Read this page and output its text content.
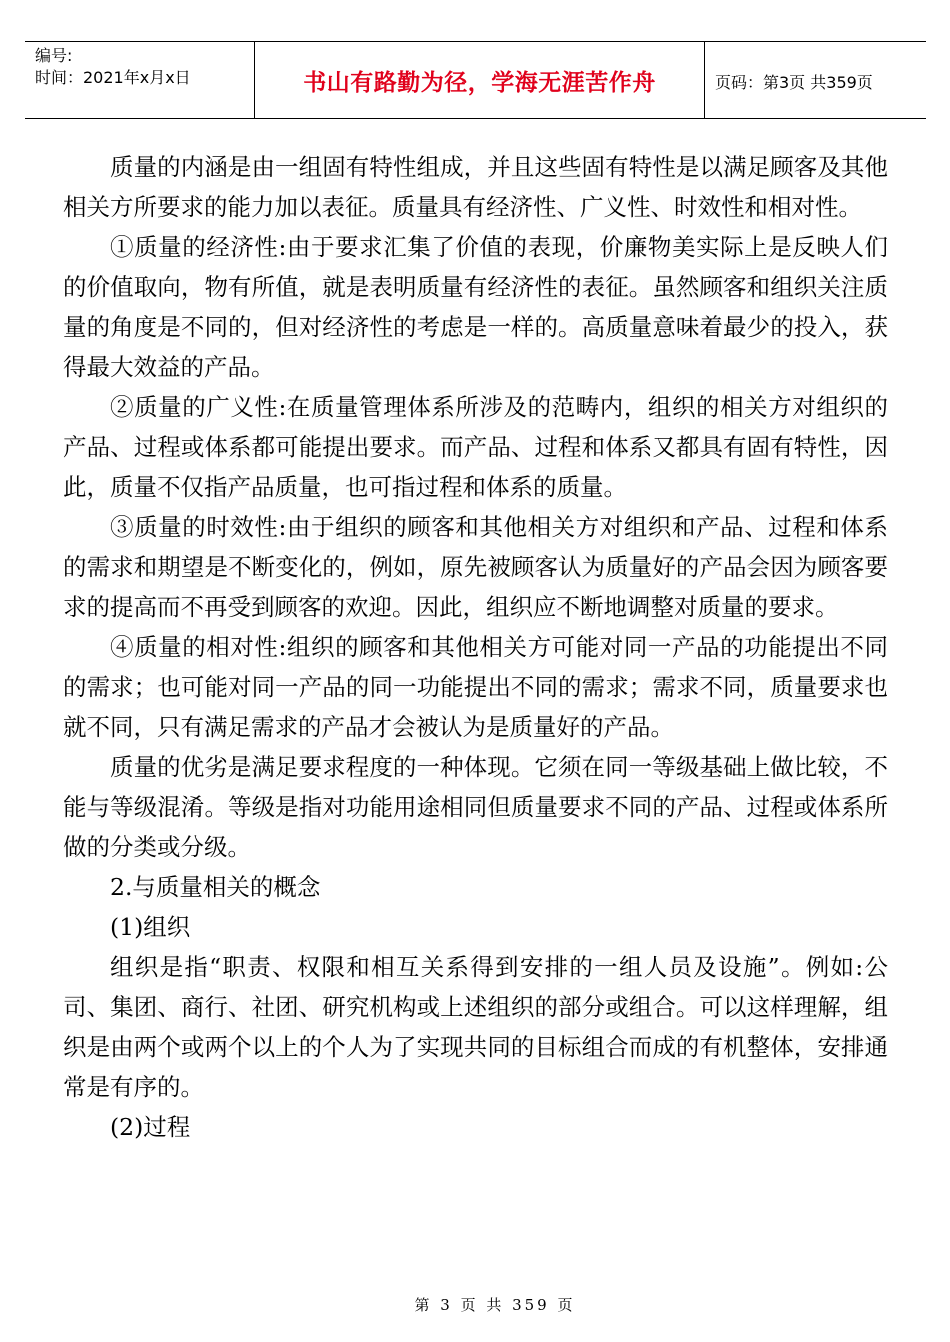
编号:
时间：2021年x月x日	书山有路勤为径，学海无涯苦作舟	页码：第3页 共359页

质量的内涵是由一组固有特性组成，并且这些固有特性是以满足顾客及其他相关方所要求的能力加以表征。质量具有经济性、广义性、时效性和相对性。

①质量的经济性:由于要求汇集了价值的表现，价廉物美实际上是反映人们的价值取向，物有所值，就是表明质量有经济性的表征。虽然顾客和组织关注质量的角度是不同的，但对经济性的考虑是一样的。高质量意味着最少的投入，获得最大效益的产品。

②质量的广义性:在质量管理体系所涉及的范畴内，组织的相关方对组织的产品、过程或体系都可能提出要求。而产品、过程和体系又都具有固有特性，因此，质量不仅指产品质量，也可指过程和体系的质量。

③质量的时效性:由于组织的顾客和其他相关方对组织和产品、过程和体系的需求和期望是不断变化的，例如，原先被顾客认为质量好的产品会因为顾客要求的提高而不再受到顾客的欢迎。因此，组织应不断地调整对质量的要求。

④质量的相对性:组织的顾客和其他相关方可能对同一产品的功能提出不同的需求；也可能对同一产品的同一功能提出不同的需求；需求不同，质量要求也就不同，只有满足需求的产品才会被认为是质量好的产品。

质量的优劣是满足要求程度的一种体现。它须在同一等级基础上做比较，不能与等级混淆。等级是指对功能用途相同但质量要求不同的产品、过程或体系所做的分类或分级。

2.与质量相关的概念

(1)组织

组织是指“职责、权限和相互关系得到安排的一组人员及设施”。例如:公司、集团、商行、社团、研究机构或上述组织的部分或组合。可以这样理解，组织是由两个或两个以上的个人为了实现共同的目标组合而成的有机整体，安排通常是有序的。

(2)过程

第 3 页 共 359 页
